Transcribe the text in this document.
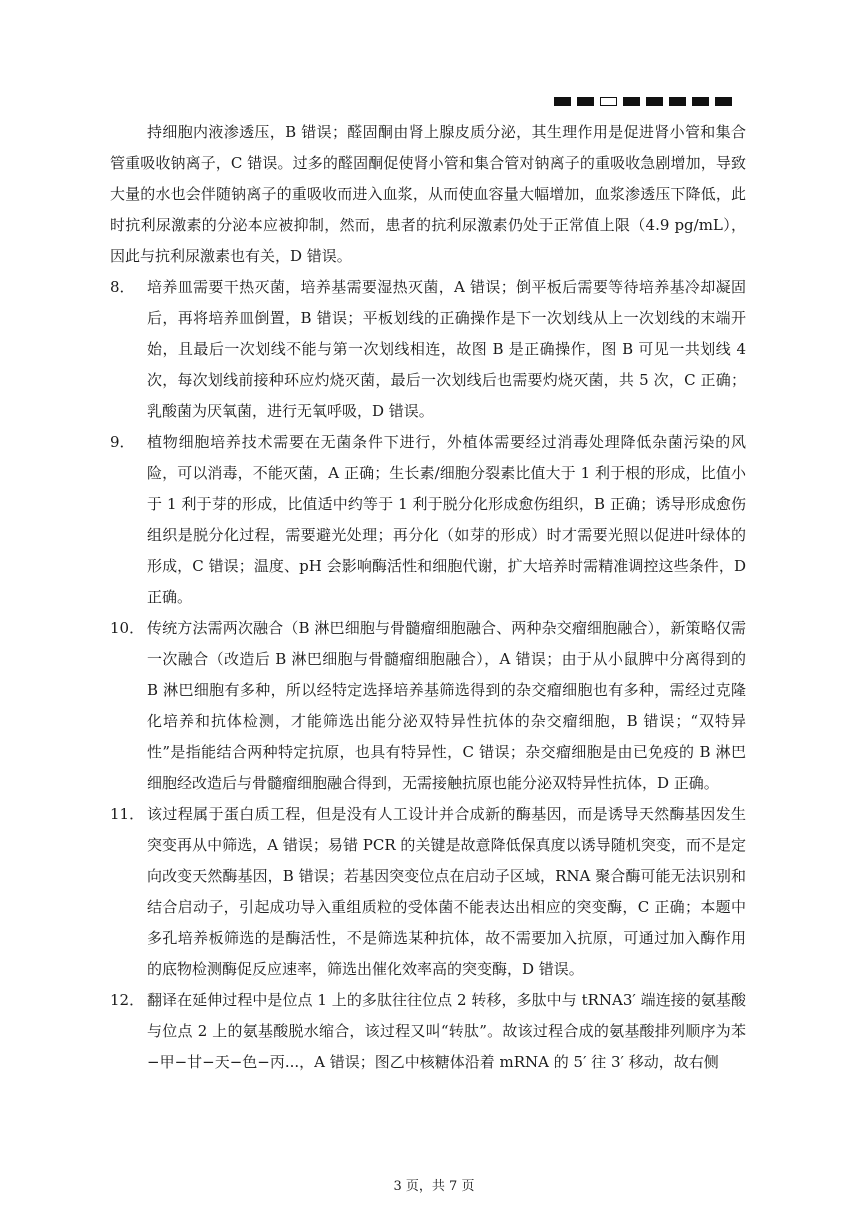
持细胞内液渗透压，B 错误；醛固酮由肾上腺皮质分泌，其生理作用是促进肾小管和集合管重吸收钠离子，C 错误。过多的醛固酮促使肾小管和集合管对钠离子的重吸收急剧增加，导致大量的水也会伴随钠离子的重吸收而进入血浆，从而使血容量大幅增加，血浆渗透压下降低，此时抗利尿激素的分泌本应被抑制，然而，患者的抗利尿激素仍处于正常值上限（4.9 pg/mL），因此与抗利尿激素也有关，D 错误。

8． 培养皿需要干热灭菌，培养基需要湿热灭菌，A 错误；倒平板后需要等待培养基冷却凝固后，再将培养皿倒置，B 错误；平板划线的正确操作是下一次划线从上一次划线的末端开始，且最后一次划线不能与第一次划线相连，故图 B 是正确操作，图 B 可见一共划线 4 次，每次划线前接种环应灼烧灭菌，最后一次划线后也需要灼烧灭菌，共 5 次，C 正确；乳酸菌为厌氧菌，进行无氧呼吸，D 错误。
9． 植物细胞培养技术需要在无菌条件下进行，外植体需要经过消毒处理降低杂菌污染的风险，可以消毒，不能灭菌，A 正确；生长素/细胞分裂素比值大于 1 利于根的形成，比值小于 1 利于芽的形成，比值适中约等于 1 利于脱分化形成愈伤组织，B 正确；诱导形成愈伤组织是脱分化过程，需要避光处理；再分化（如芽的形成）时才需要光照以促进叶绿体的形成，C 错误；温度、pH 会影响酶活性和细胞代谢，扩大培养时需精准调控这些条件，D 正确。
10． 传统方法需两次融合（B 淋巴细胞与骨髓瘤细胞融合、两种杂交瘤细胞融合），新策略仅需一次融合（改造后 B 淋巴细胞与骨髓瘤细胞融合），A 错误；由于从小鼠脾中分离得到的 B 淋巴细胞有多种，所以经特定选择培养基筛选得到的杂交瘤细胞也有多种，需经过克隆化培养和抗体检测，才能筛选出能分泌双特异性抗体的杂交瘤细胞，B 错误；“双特异性”是指能结合两种特定抗原，也具有特异性，C 错误；杂交瘤细胞是由已免疫的 B 淋巴细胞经改造后与骨髓瘤细胞融合得到，无需接触抗原也能分泌双特异性抗体，D 正确。
11． 该过程属于蛋白质工程，但是没有人工设计并合成新的酶基因，而是诱导天然酶基因发生突变再从中筛选，A 错误；易错 PCR 的关键是故意降低保真度以诱导随机突变，而不是定向改变天然酶基因，B 错误；若基因突变位点在启动子区域，RNA 聚合酶可能无法识别和结合启动子，引起成功导入重组质粒的受体菌不能表达出相应的突变酶，C 正确；本题中多孔培养板筛选的是酶活性，不是筛选某种抗体，故不需要加入抗原，可通过加入酶作用的底物检测酶促反应速率，筛选出催化效率高的突变酶，D 错误。
12． 翻译在延伸过程中是位点 1 上的多肽往往位点 2 转移，多肽中与 tRNA3′ 端连接的氨基酸与位点 2 上的氨基酸脱水缩合，该过程又叫“转肽”。故该过程合成的氨基酸排列顺序为苯−甲−甘−天−色−丙...，A 错误；图乙中核糖体沿着 mRNA 的 5′ 往 3′ 移动，故右侧
3 页，共 7 页
